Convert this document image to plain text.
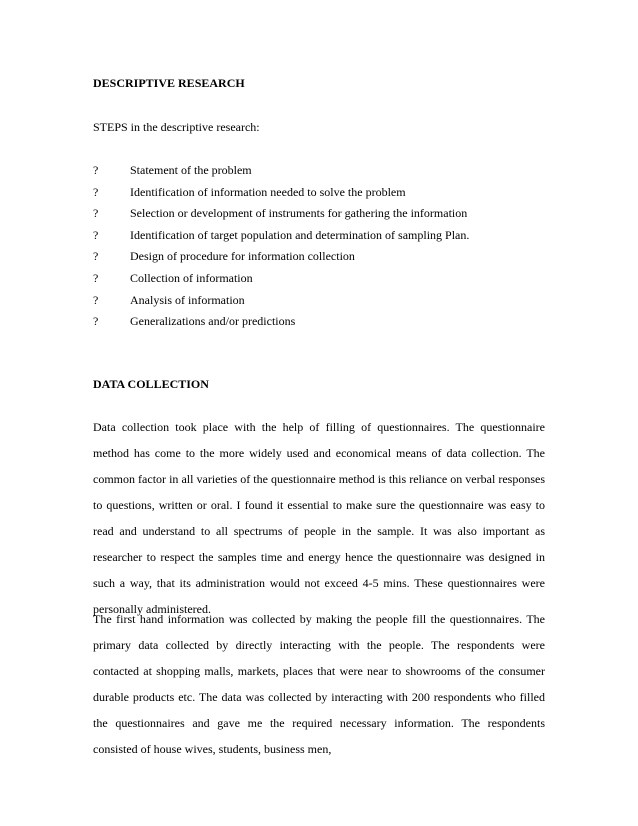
DESCRIPTIVE RESEARCH
STEPS in the descriptive research:
?	Statement of the problem
?	Identification of information needed to solve the problem
?	Selection or development of instruments for gathering the information
?	Identification of target population and determination of sampling Plan.
?	Design of procedure for information collection
?	Collection of information
?	Analysis of information
?	Generalizations and/or predictions
DATA COLLECTION

Data collection took place with the help of filling of questionnaires. The questionnaire method has come to the more widely used and economical means of data collection. The common factor in all varieties of the questionnaire method is this reliance on verbal responses to questions, written or oral. I found it essential to make sure the questionnaire was easy to read and understand to all spectrums of people in the sample. It was also important as researcher to respect the samples time and energy hence the questionnaire was designed in such a way, that its administration would not exceed 4-5 mins. These questionnaires were personally administered.

The first hand information was collected by making the people fill the questionnaires. The primary data collected by directly interacting with the people. The respondents were contacted at shopping malls, markets, places that were near to showrooms of the consumer durable products etc. The data was collected by interacting with 200 respondents who filled the questionnaires and gave me the required necessary information. The respondents consisted of house wives, students, business men,
